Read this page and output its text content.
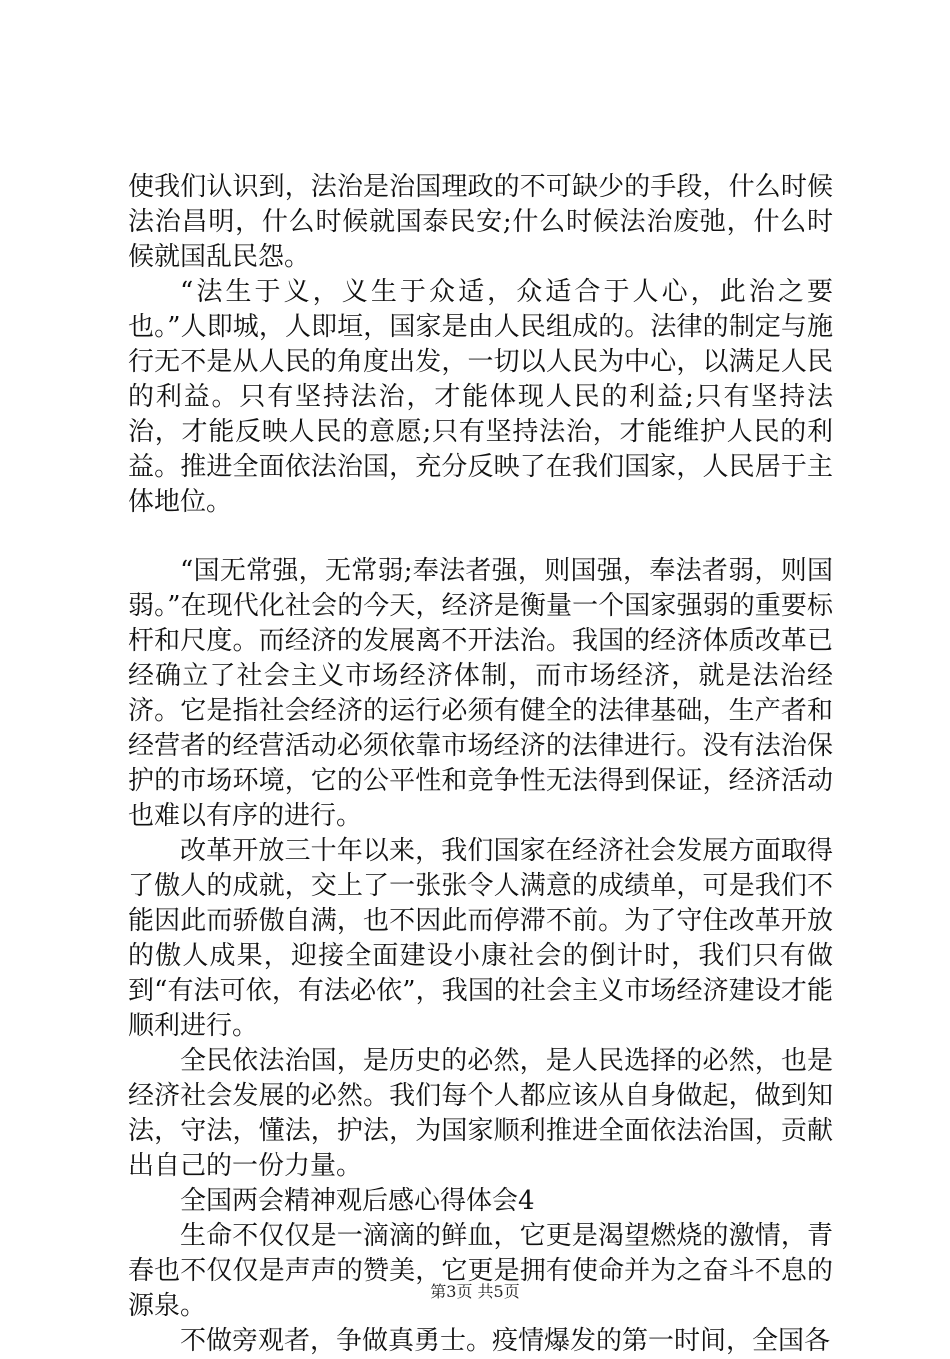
使我们认识到，法治是治国理政的不可缺少的手段，什么时候法治昌明，什么时候就国泰民安;什么时候法治废弛，什么时候就国乱民怨。

“法生于义，义生于众适，众适合于人心，此治之要也。”人即城，人即垣，国家是由人民组成的。法律的制定与施行无不是从人民的角度出发，一切以人民为中心，以满足人民的利益。只有坚持法治，才能体现人民的利益;只有坚持法治，才能反映人民的意愿;只有坚持法治，才能维护人民的利益。推进全面依法治国，充分反映了在我们国家，人民居于主体地位。

“国无常强，无常弱;奉法者强，则国强，奉法者弱，则国弱。”在现代化社会的今天，经济是衡量一个国家强弱的重要标杆和尺度。而经济的发展离不开法治。我国的经济体质改革已经确立了社会主义市场经济体制，而市场经济，就是法治经济。它是指社会经济的运行必须有健全的法律基础，生产者和经营者的经营活动必须依靠市场经济的法律进行。没有法治保护的市场环境，它的公平性和竞争性无法得到保证，经济活动也难以有序的进行。

改革开放三十年以来，我们国家在经济社会发展方面取得了傲人的成就，交上了一张张令人满意的成绩单，可是我们不能因此而骄傲自满，也不因此而停滞不前。为了守住改革开放的傲人成果，迎接全面建设小康社会的倒计时，我们只有做到“有法可依，有法必依”，我国的社会主义市场经济建设才能顺利进行。

全民依法治国，是历史的必然，是人民选择的必然，也是经济社会发展的必然。我们每个人都应该从自身做起，做到知法，守法，懂法，护法，为国家顺利推进全面依法治国，贡献出自己的一份力量。

全国两会精神观后感心得体会4

生命不仅仅是一滴滴的鲜血，它更是渴望燃烧的激情，青春也不仅仅是声声的赞美，它更是拥有使命并为之奋斗不息的源泉。

不做旁观者，争做真勇士。疫情爆发的第一时间，全国各

第3页 共5页
